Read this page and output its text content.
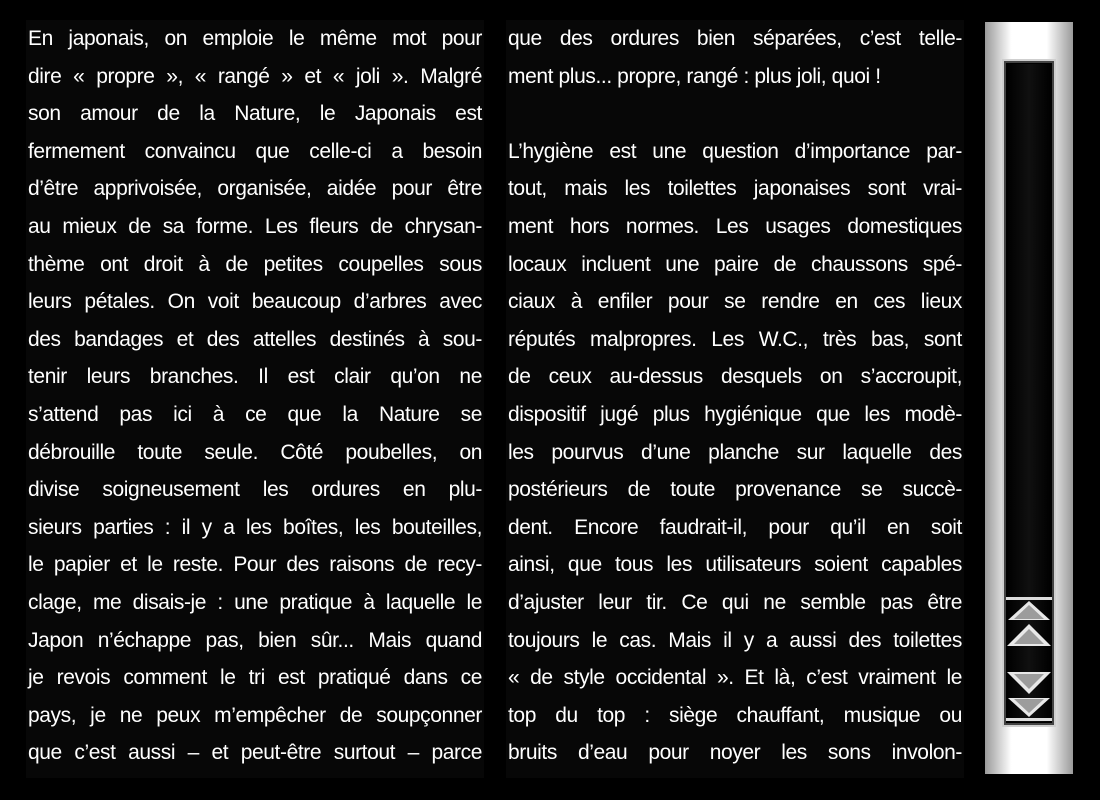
En japonais, on emploie le même mot pour
dire « propre », « rangé » et « joli ». Malgré
son amour de la Nature, le Japonais est
fermement convaincu que celle-ci a besoin
d’être apprivoisée, organisée, aidée pour être
au mieux de sa forme. Les fleurs de chrysan-
thème ont droit à de petites coupelles sous
leurs pétales. On voit beaucoup d’arbres avec
des bandages et des attelles destinés à sou-
tenir leurs branches. Il est clair qu’on ne
s’attend pas ici à ce que la Nature se
débrouille toute seule. Côté poubelles, on
divise soigneusement les ordures en plu-
sieurs parties : il y a les boîtes, les bouteilles,
le papier et le reste. Pour des raisons de recy-
clage, me disais-je : une pratique à laquelle le
Japon n’échappe pas, bien sûr... Mais quand
je revois comment le tri est pratiqué dans ce
pays, je ne peux m’empêcher de soupçonner
que c’est aussi – et peut-être surtout – parce

que des ordures bien séparées, c’est telle-
ment plus... propre, rangé : plus joli, quoi !

L’hygiène est une question d’importance par-
tout, mais les toilettes japonaises sont vrai-
ment hors normes. Les usages domestiques
locaux incluent une paire de chaussons spé-
ciaux à enfiler pour se rendre en ces lieux
réputés malpropres. Les W.C., très bas, sont
de ceux au-dessus desquels on s’accroupit,
dispositif jugé plus hygiénique que les modè-
les pourvus d’une planche sur laquelle des
postérieurs de toute provenance se succè-
dent. Encore faudrait-il, pour qu’il en soit
ainsi, que tous les utilisateurs soient capables
d’ajuster leur tir. Ce qui ne semble pas être
toujours le cas. Mais il y a aussi des toilettes
« de style occidental ». Et là, c’est vraiment le
top du top : siège chauffant, musique ou
bruits d’eau pour noyer les sons involon-
